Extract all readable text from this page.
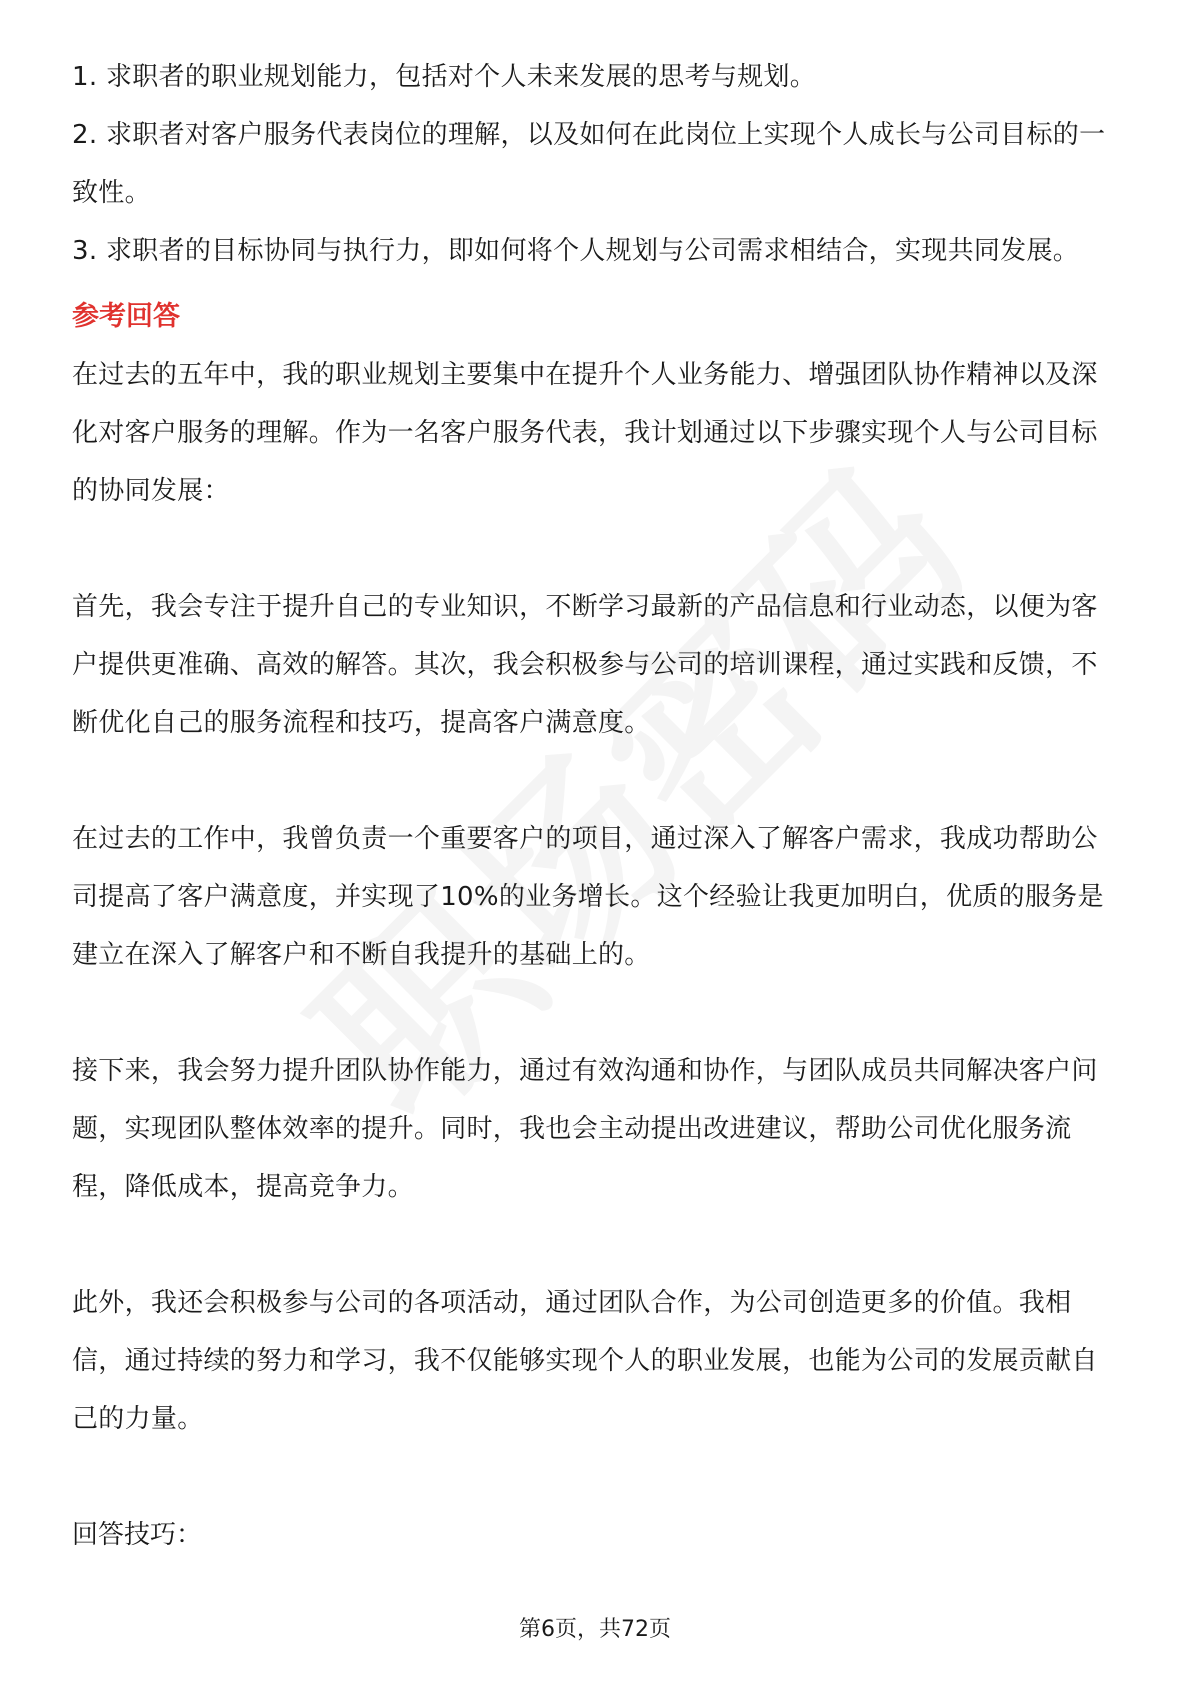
1. 求职者的职业规划能力，包括对个人未来发展的思考与规划。

2. 求职者对客户服务代表岗位的理解，以及如何在此岗位上实现个人成长与公司目标的一致性。

3. 求职者的目标协同与执行力，即如何将个人规划与公司需求相结合，实现共同发展。

参考回答

在过去的五年中，我的职业规划主要集中在提升个人业务能力、增强团队协作精神以及深化对客户服务的理解。作为一名客户服务代表，我计划通过以下步骤实现个人与公司目标的协同发展：

首先，我会专注于提升自己的专业知识，不断学习最新的产品信息和行业动态，以便为客户提供更准确、高效的解答。其次，我会积极参与公司的培训课程，通过实践和反馈，不断优化自己的服务流程和技巧，提高客户满意度。

在过去的工作中，我曾负责一个重要客户的项目，通过深入了解客户需求，我成功帮助公司提高了客户满意度，并实现了10%的业务增长。这个经验让我更加明白，优质的服务是建立在深入了解客户和不断自我提升的基础上的。

接下来，我会努力提升团队协作能力，通过有效沟通和协作，与团队成员共同解决客户问题，实现团队整体效率的提升。同时，我也会主动提出改进建议，帮助公司优化服务流程，降低成本，提高竞争力。

此外，我还会积极参与公司的各项活动，通过团队合作，为公司创造更多的价值。我相信，通过持续的努力和学习，我不仅能够实现个人的职业发展，也能为公司的发展贡献自己的力量。

回答技巧：

第6页，共72页
